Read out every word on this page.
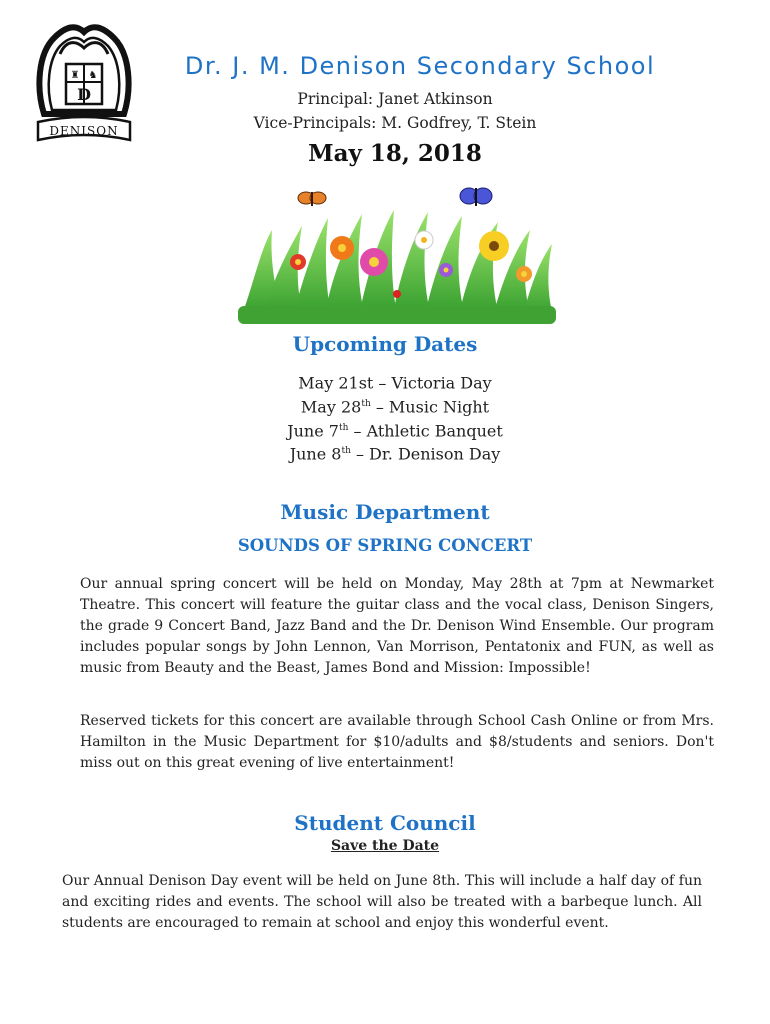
♜ ♞
D
DENISON
Dr. J. M. Denison Secondary School
Principal: Janet Atkinson
Vice-Principals: M. Godfrey, T. Stein
May 18, 2018
Upcoming Dates
May 21st – Victoria Day
May 28th – Music Night
June 7th – Athletic Banquet
June 8th – Dr. Denison Day
Music Department
SOUNDS OF SPRING CONCERT

Our annual spring concert will be held on Monday, May 28th at 7pm at Newmarket Theatre. This concert will feature the guitar class and the vocal class, Denison Singers, the grade 9 Concert Band, Jazz Band and the Dr. Denison Wind Ensemble. Our program includes popular songs by John Lennon, Van Morrison, Pentatonix and FUN, as well as music from Beauty and the Beast, James Bond and Mission: Impossible!

Reserved tickets for this concert are available through School Cash Online or from Mrs. Hamilton in the Music Department for $10/adults and $8/students and seniors. Don't miss out on this great evening of live entertainment!

Student Council
Save the Date

Our Annual Denison Day event will be held on June 8th. This will include a half day of fun and exciting rides and events. The school will also be treated with a barbeque lunch. All students are encouraged to remain at school and enjoy this wonderful event.
